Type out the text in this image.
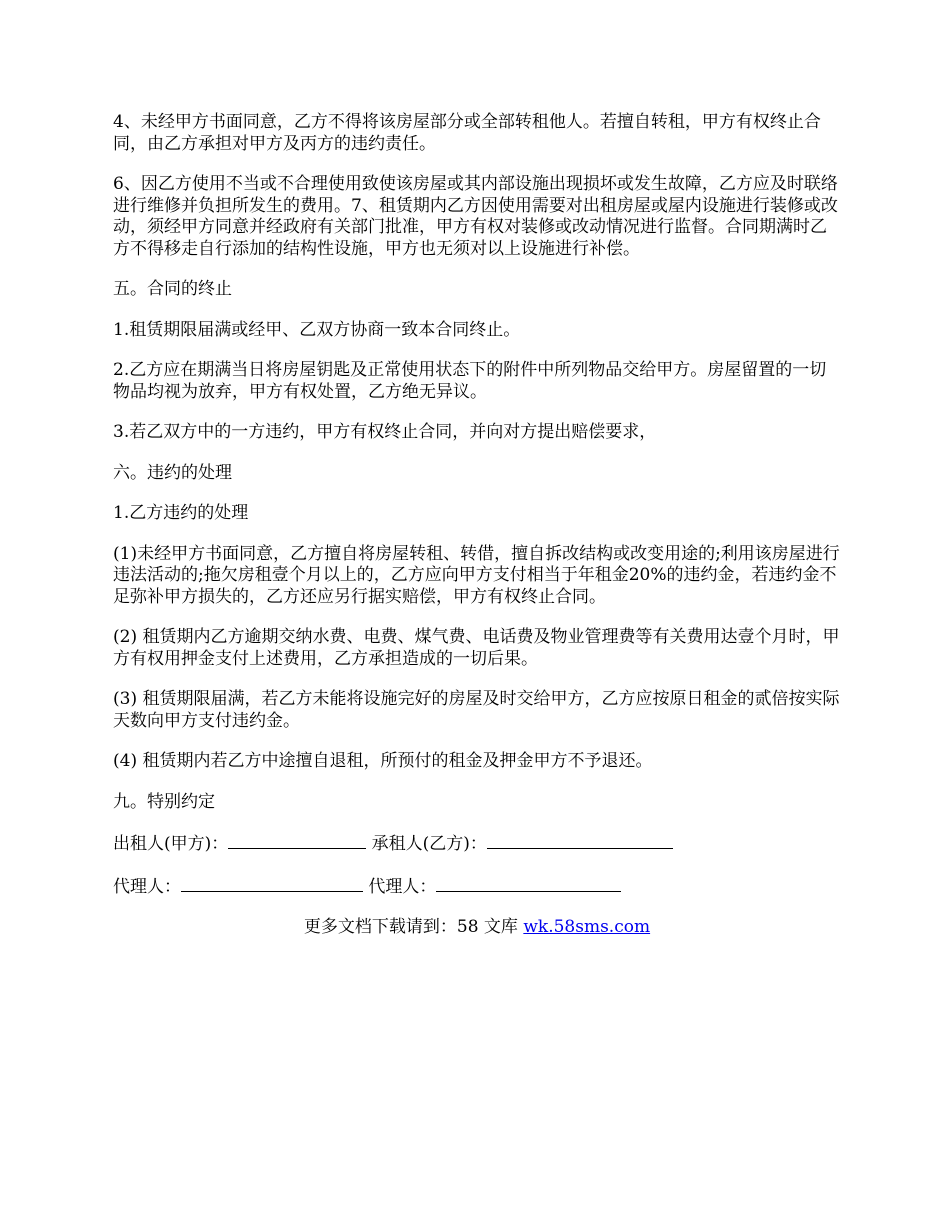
4、未经甲方书面同意，乙方不得将该房屋部分或全部转租他人。若擅自转租，甲方有权终止合同，由乙方承担对甲方及丙方的违约责任。

6、因乙方使用不当或不合理使用致使该房屋或其内部设施出现损坏或发生故障，乙方应及时联络进行维修并负担所发生的费用。7、租赁期内乙方因使用需要对出租房屋或屋内设施进行装修或改动，须经甲方同意并经政府有关部门批准，甲方有权对装修或改动情况进行监督。合同期满时乙方不得移走自行添加的结构性设施，甲方也无须对以上设施进行补偿。

五。合同的终止

1.租赁期限届满或经甲、乙双方协商一致本合同终止。

2.乙方应在期满当日将房屋钥匙及正常使用状态下的附件中所列物品交给甲方。房屋留置的一切物品均视为放弃，甲方有权处置，乙方绝无异议。

3.若乙双方中的一方违约，甲方有权终止合同，并向对方提出赔偿要求，

六。违约的处理

1.乙方违约的处理

(1)未经甲方书面同意，乙方擅自将房屋转租、转借，擅自拆改结构或改变用途的;利用该房屋进行违法活动的;拖欠房租壹个月以上的，乙方应向甲方支付相当于年租金20%的违约金，若违约金不足弥补甲方损失的，乙方还应另行据实赔偿，甲方有权终止合同。

(2) 租赁期内乙方逾期交纳水费、电费、煤气费、电话费及物业管理费等有关费用达壹个月时，甲方有权用押金支付上述费用，乙方承担造成的一切后果。

(3) 租赁期限届满，若乙方未能将设施完好的房屋及时交给甲方，乙方应按原日租金的贰倍按实际天数向甲方支付违约金。

(4) 租赁期内若乙方中途擅自退租，所预付的租金及押金甲方不予退还。

九。特别约定

出租人(甲方)：	承租人(乙方)：
代理人：	代理人：
更多文档下载请到：58 文库 wk.58sms.com
